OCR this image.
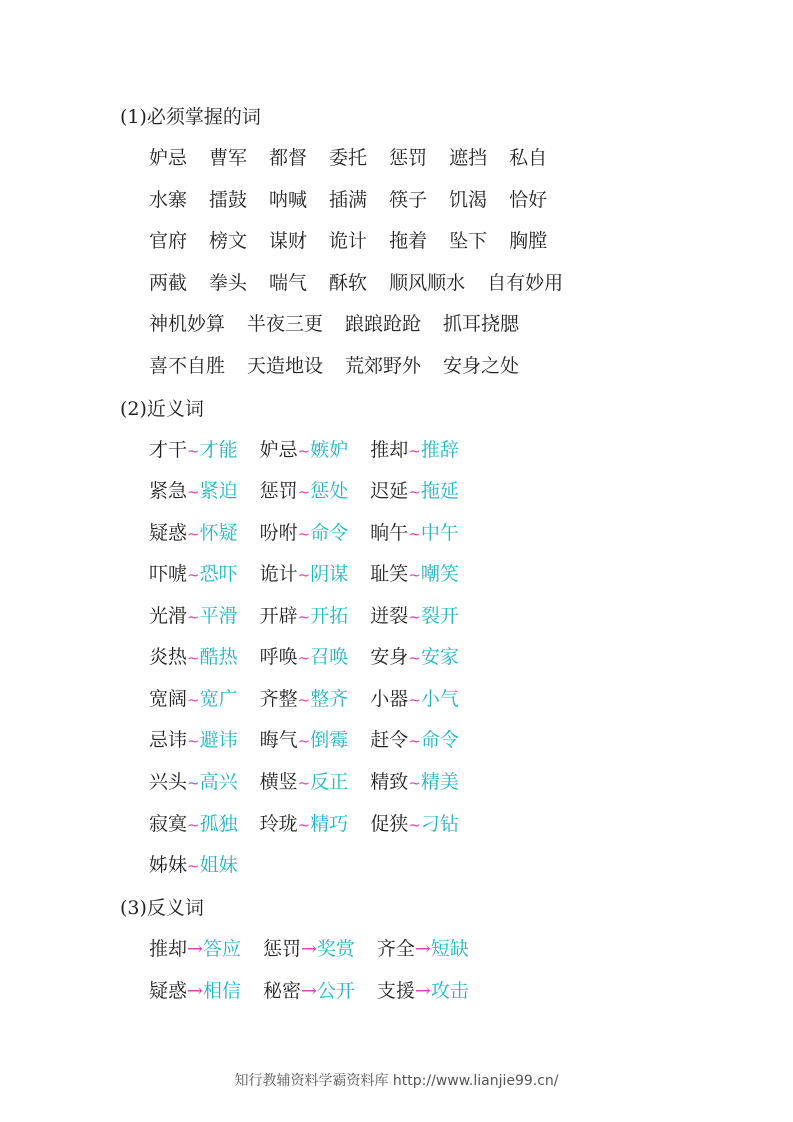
(1)必须掌握的词
妒忌 曹军 都督 委托 惩罚 遮挡 私自
水寨 擂鼓 呐喊 插满 筷子 饥渴 恰好
官府 榜文 谋财 诡计 拖着 坠下 胸膛
两截 拳头 喘气 酥软 顺风顺水 自有妙用
神机妙算 半夜三更 踉踉跄跄 抓耳挠腮
喜不自胜 天造地设 荒郊野外 安身之处
(2)近义词
才干~才能 妒忌~嫉妒 推却~推辞
紧急~紧迫 惩罚~惩处 迟延~拖延
疑惑~怀疑 吩咐~命令 晌午~中午
吓唬~恐吓 诡计~阴谋 耻笑~嘲笑
光滑~平滑 开辟~开拓 迸裂~裂开
炎热~酷热 呼唤~召唤 安身~安家
宽阔~宽广 齐整~整齐 小器~小气
忌讳~避讳 晦气~倒霉 赶令~命令
兴头~高兴 横竖~反正 精致~精美
寂寞~孤独 玲珑~精巧 促狭~刁钻
姊妹~姐妹
(3)反义词
推却→答应 惩罚→奖赏 齐全→短缺
疑惑→相信 秘密→公开 支援→攻击
知行教辅资料学霸资料库 http://www.lianjie99.cn/
